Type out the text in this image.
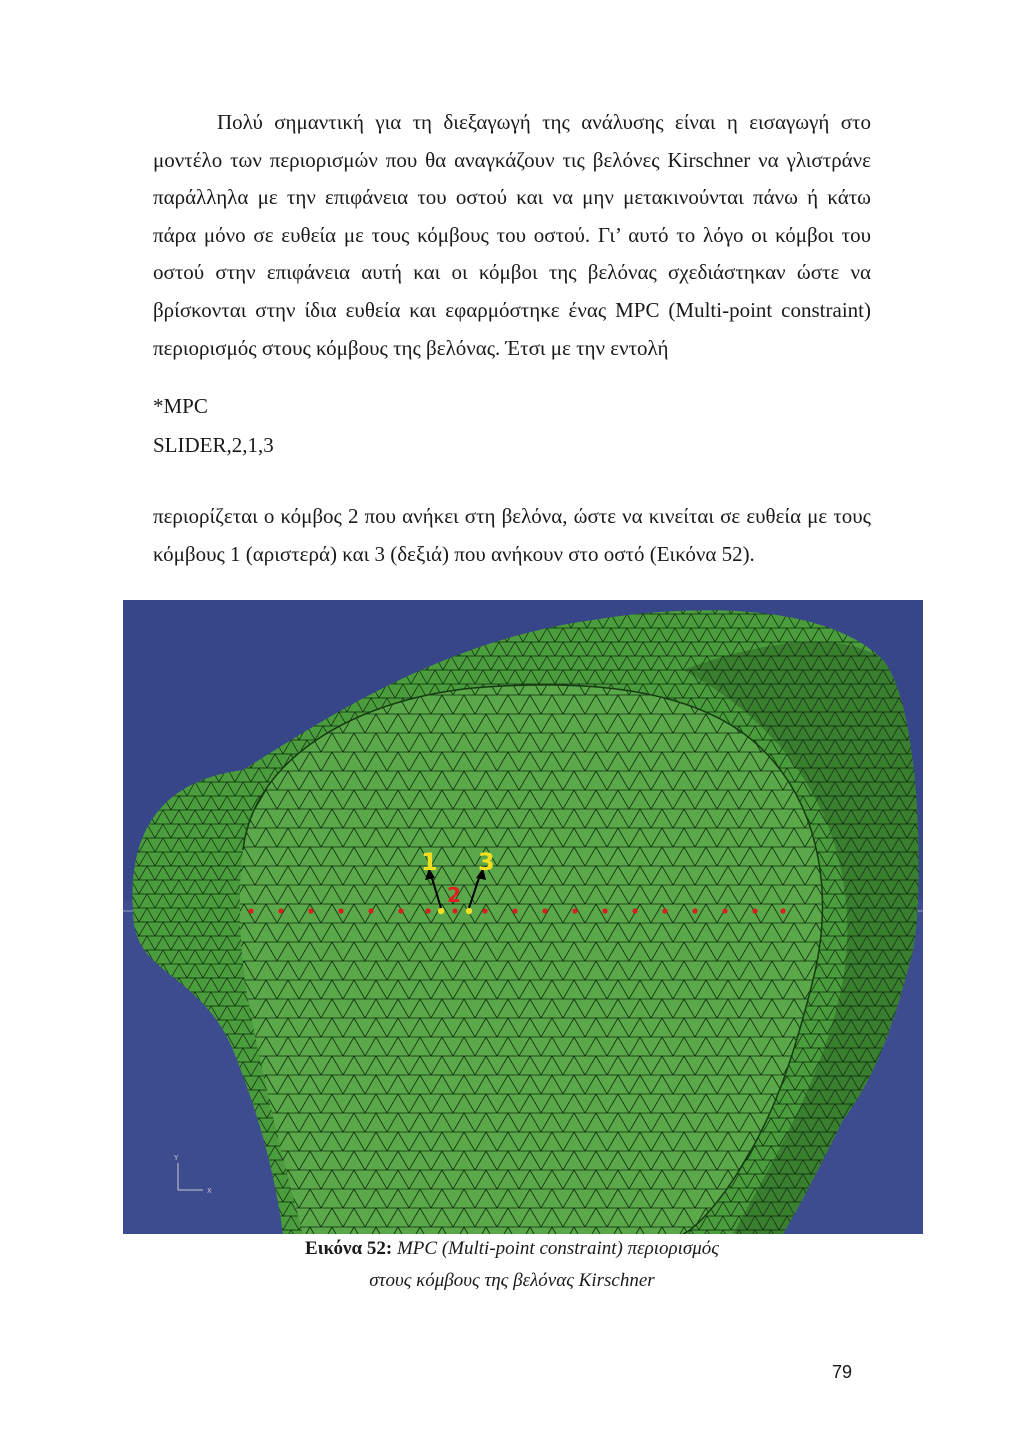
Πολύ σημαντική για τη διεξαγωγή της ανάλυσης είναι η εισαγωγή στο μοντέλο των περιορισμών που θα αναγκάζουν τις βελόνες Kirschner να γλιστράνε παράλληλα με την επιφάνεια του οστού και να μην μετακινούνται πάνω ή κάτω πάρα μόνο σε ευθεία με τους κόμβους του οστού. Γι’ αυτό το λόγο οι κόμβοι του οστού στην επιφάνεια αυτή και οι κόμβοι της βελόνας σχεδιάστηκαν ώστε να βρίσκονται στην ίδια ευθεία και εφαρμόστηκε ένας MPC (Multi-point constraint) περιορισμός στους κόμβους της βελόνας. Έτσι με την εντολή

*MPC

SLIDER,2,1,3

περιορίζεται ο κόμβος 2 που ανήκει στη βελόνα, ώστε να κινείται σε ευθεία με τους κόμβους 1 (αριστερά) και 3 (δεξιά) που ανήκουν στο οστό (Εικόνα 52).

1 3
2
Y
X

Εικόνα 52: MPC (Multi-point constraint) περιορισμός

στους κόμβους της βελόνας Kirschner

79
